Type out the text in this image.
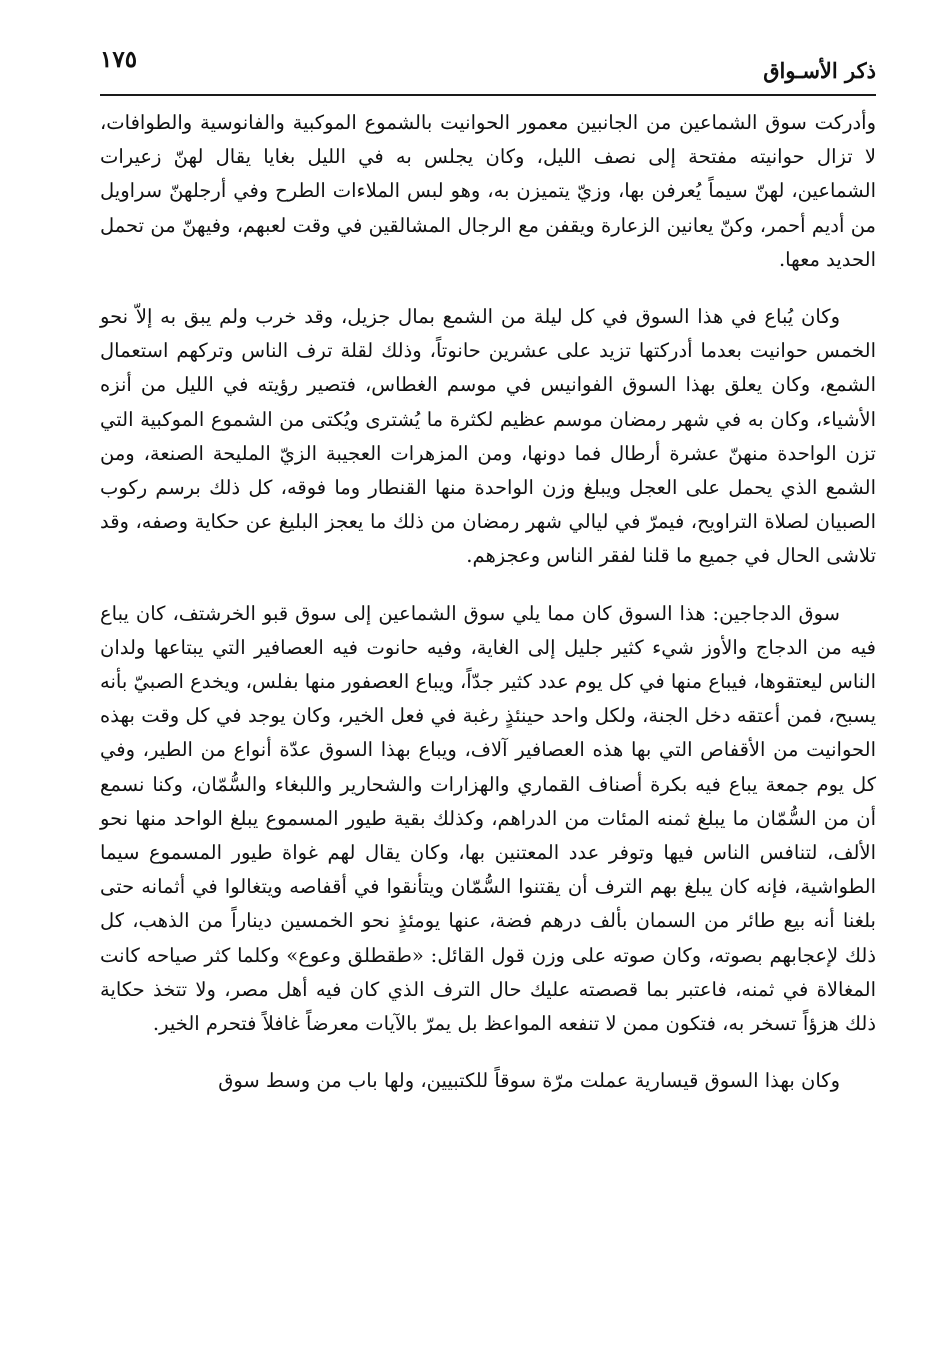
١٧٥	ذكر الأسـواق

وأدركت سوق الشماعين من الجانبين معمور الحوانيت بالشموع الموكبية والفانوسية والطوافات، لا تزال حوانيته مفتحة إلى نصف الليل، وكان يجلس به في الليل بغايا يقال لهنّ زعيرات الشماعين، لهنّ سيماً يُعرفن بها، وزيّ يتميزن به، وهو لبس الملاءات الطرح وفي أرجلهنّ سراويل من أديم أحمر، وكنّ يعانين الزعارة ويقفن مع الرجال المشالقين في وقت لعبهم، وفيهنّ من تحمل الحديد معها.

وكان يُباع في هذا السوق في كل ليلة من الشمع بمال جزيل، وقد خرب ولم يبق به إلاّ نحو الخمس حوانيت بعدما أدركتها تزيد على عشرين حانوتاً، وذلك لقلة ترف الناس وتركهم استعمال الشمع، وكان يعلق بهذا السوق الفوانيس في موسم الغطاس، فتصير رؤيته في الليل من أنزه الأشياء، وكان به في شهر رمضان موسم عظيم لكثرة ما يُشترى ويُكتى من الشموع الموكبية التي تزن الواحدة منهنّ عشرة أرطال فما دونها، ومن المزهرات العجيبة الزيّ المليحة الصنعة، ومن الشمع الذي يحمل على العجل ويبلغ وزن الواحدة منها القنطار وما فوقه، كل ذلك برسم ركوب الصبيان لصلاة التراويح، فيمرّ في ليالي شهر رمضان من ذلك ما يعجز البليغ عن حكاية وصفه، وقد تلاشى الحال في جميع ما قلنا لفقر الناس وعجزهم.

سوق الدجاجين: هذا السوق كان مما يلي سوق الشماعين إلى سوق قبو الخرشتف، كان يباع فيه من الدجاج والأوز شيء كثير جليل إلى الغاية، وفيه حانوت فيه العصافير التي يبتاعها ولدان الناس ليعتقوها، فيباع منها في كل يوم عدد كثير جدّاً، ويباع العصفور منها بفلس، ويخدع الصبيّ بأنه يسبح، فمن أعتقه دخل الجنة، ولكل واحد حينئذٍ رغبة في فعل الخير، وكان يوجد في كل وقت بهذه الحوانيت من الأقفاص التي بها هذه العصافير آلاف، ويباع بهذا السوق عدّة أنواع من الطير، وفي كل يوم جمعة يباع فيه بكرة أصناف القماري والهزارات والشحارير واللبغاء والسُّمّان، وكنا نسمع أن من السُّمّان ما يبلغ ثمنه المئات من الدراهم، وكذلك بقية طيور المسموع يبلغ الواحد منها نحو الألف، لتنافس الناس فيها وتوفر عدد المعتنين بها، وكان يقال لهم غواة طيور المسموع سيما الطواشية، فإنه كان يبلغ بهم الترف أن يقتنوا السُّمّان ويتأنقوا في أقفاصه ويتغالوا في أثمانه حتى بلغنا أنه بيع طائر من السمان بألف درهم فضة، عنها يومئذٍ نحو الخمسين ديناراً من الذهب، كل ذلك لإعجابهم بصوته، وكان صوته على وزن قول القائل: «طقطلق وعوع» وكلما كثر صياحه كانت المغالاة في ثمنه، فاعتبر بما قصصته عليك حال الترف الذي كان فيه أهل مصر، ولا تتخذ حكاية ذلك هزؤاً تسخر به، فتكون ممن لا تنفعه المواعظ بل يمرّ بالآيات معرضاً غافلاً فتحرم الخير.

وكان بهذا السوق قيسارية عملت مرّة سوقاً للكتبيين، ولها باب من وسط سوق
